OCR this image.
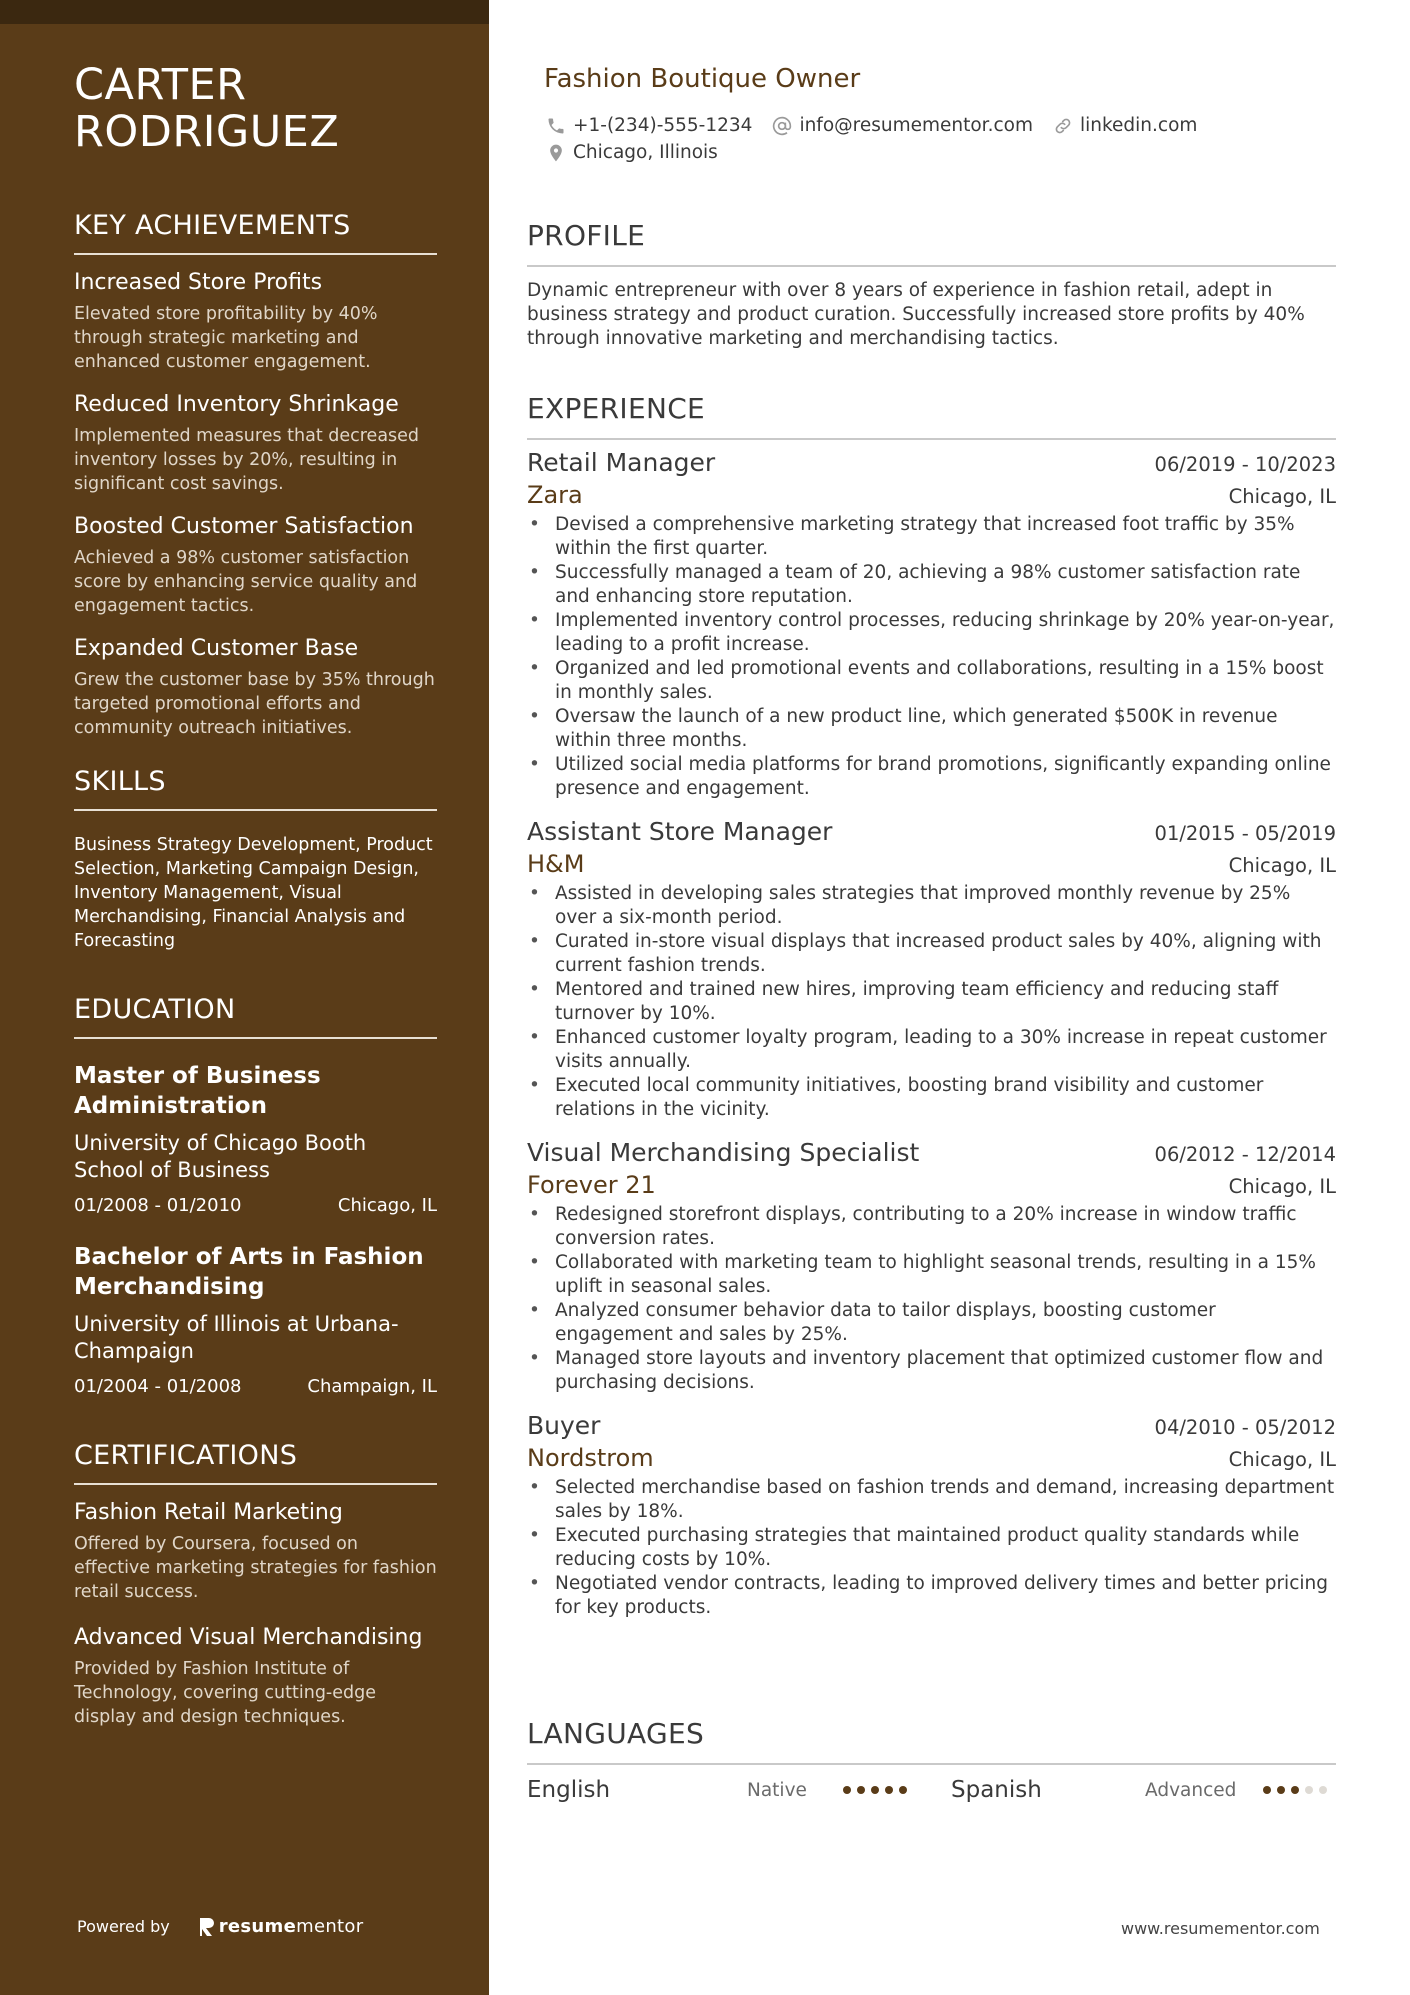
CARTER
RODRIGUEZ
KEY ACHIEVEMENTS
Increased Store Profits
Elevated store profitability by 40% through strategic marketing and enhanced customer engagement.
Reduced Inventory Shrinkage
Implemented measures that decreased inventory losses by 20%, resulting in significant cost savings.
Boosted Customer Satisfaction
Achieved a 98% customer satisfaction score by enhancing service quality and engagement tactics.
Expanded Customer Base
Grew the customer base by 35% through targeted promotional efforts and community outreach initiatives.
SKILLS
Business Strategy Development, Product Selection, Marketing Campaign Design, Inventory Management, Visual Merchandising, Financial Analysis and Forecasting
EDUCATION
Master of Business Administration
University of Chicago Booth School of Business
01/2008 - 01/2010	Chicago, IL
Bachelor of Arts in Fashion Merchandising
University of Illinois at Urbana-Champaign
01/2004 - 01/2008	Champaign, IL
CERTIFICATIONS
Fashion Retail Marketing
Offered by Coursera, focused on effective marketing strategies for fashion retail success.
Advanced Visual Merchandising
Provided by Fashion Institute of Technology, covering cutting-edge display and design techniques.
Powered by	resume mentor
Fashion Boutique Owner
+1-(234)-555-1234	info@resumementor.com	linkedin.com
Chicago, Illinois
PROFILE
Dynamic entrepreneur with over 8 years of experience in fashion retail, adept in business strategy and product curation. Successfully increased store profits by 40% through innovative marketing and merchandising tactics.
EXPERIENCE
Retail Manager	06/2019 - 10/2023
Zara	Chicago, IL
• Devised a comprehensive marketing strategy that increased foot traffic by 35% within the first quarter.
• Successfully managed a team of 20, achieving a 98% customer satisfaction rate and enhancing store reputation.
• Implemented inventory control processes, reducing shrinkage by 20% year-on-year, leading to a profit increase.
• Organized and led promotional events and collaborations, resulting in a 15% boost in monthly sales.
• Oversaw the launch of a new product line, which generated $500K in revenue within three months.
• Utilized social media platforms for brand promotions, significantly expanding online presence and engagement.
Assistant Store Manager	01/2015 - 05/2019
H&M	Chicago, IL
• Assisted in developing sales strategies that improved monthly revenue by 25% over a six-month period.
• Curated in-store visual displays that increased product sales by 40%, aligning with current fashion trends.
• Mentored and trained new hires, improving team efficiency and reducing staff turnover by 10%.
• Enhanced customer loyalty program, leading to a 30% increase in repeat customer visits annually.
• Executed local community initiatives, boosting brand visibility and customer relations in the vicinity.
Visual Merchandising Specialist	06/2012 - 12/2014
Forever 21	Chicago, IL
• Redesigned storefront displays, contributing to a 20% increase in window traffic conversion rates.
• Collaborated with marketing team to highlight seasonal trends, resulting in a 15% uplift in seasonal sales.
• Analyzed consumer behavior data to tailor displays, boosting customer engagement and sales by 25%.
• Managed store layouts and inventory placement that optimized customer flow and purchasing decisions.
Buyer	04/2010 - 05/2012
Nordstrom	Chicago, IL
• Selected merchandise based on fashion trends and demand, increasing department sales by 18%.
• Executed purchasing strategies that maintained product quality standards while reducing costs by 10%.
• Negotiated vendor contracts, leading to improved delivery times and better pricing for key products.
LANGUAGES
English	Native	Spanish	Advanced
www.resumementor.com
